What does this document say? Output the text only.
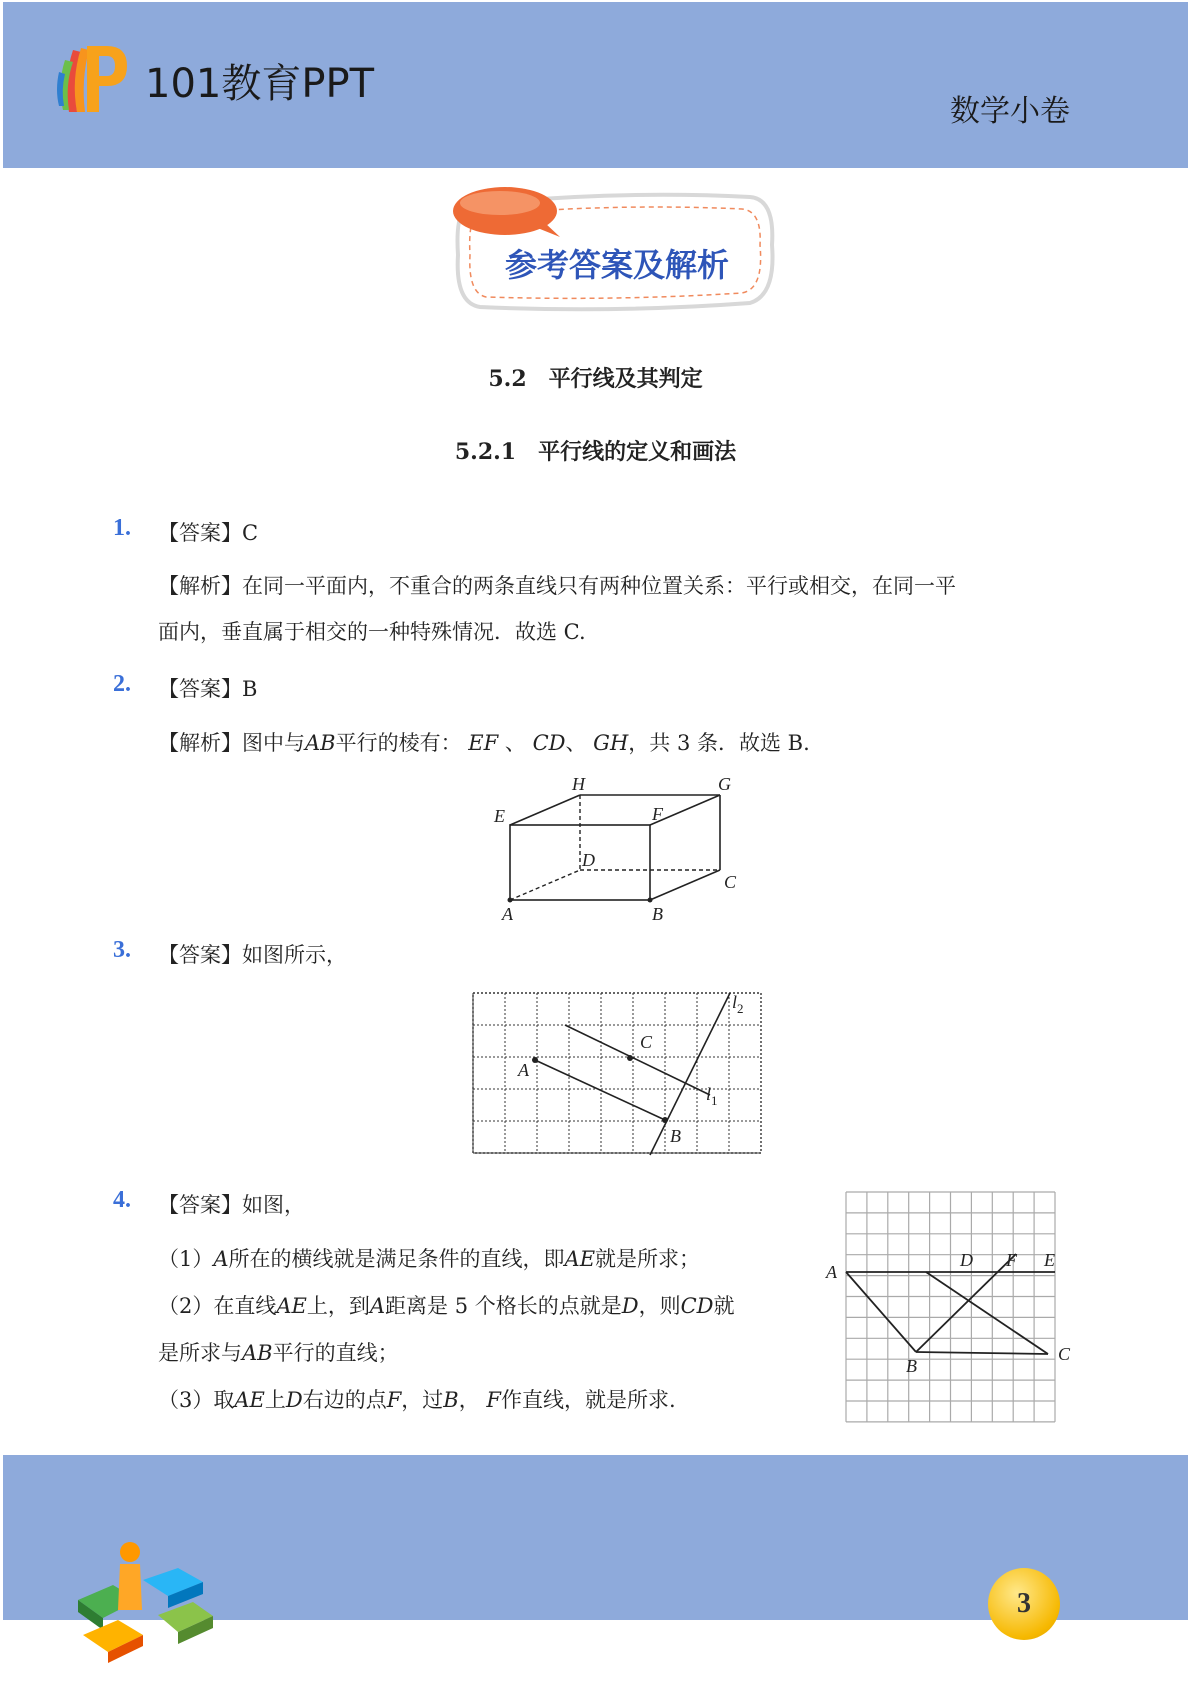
101教育PPT
数学小卷
参考答案及解析
5.2　平行线及其判定
5.2.1　平行线的定义和画法
1. 【答案】C
【解析】在同一平面内，不重合的两条直线只有两种位置关系：平行或相交，在同一平
面内，垂直属于相交的一种特殊情况．故选 C.
2. 【答案】B
【解析】图中与AB平行的棱有： EF 、 CD、 GH，共 3 条．故选 B.
A	B
C
D
E	F
G
H
3. 【答案】如图所示，
A
B
C
$l_1$
$l_2$
4. 【答案】如图，
（1）A所在的横线就是满足条件的直线，即AE就是所求；
（2）在直线AE上，到A距离是 5 个格长的点就是D，则CD就
是所求与AB平行的直线；
（3）取AE上D右边的点F，过B， F作直线，就是所求.
A
B
C
D F E
3
